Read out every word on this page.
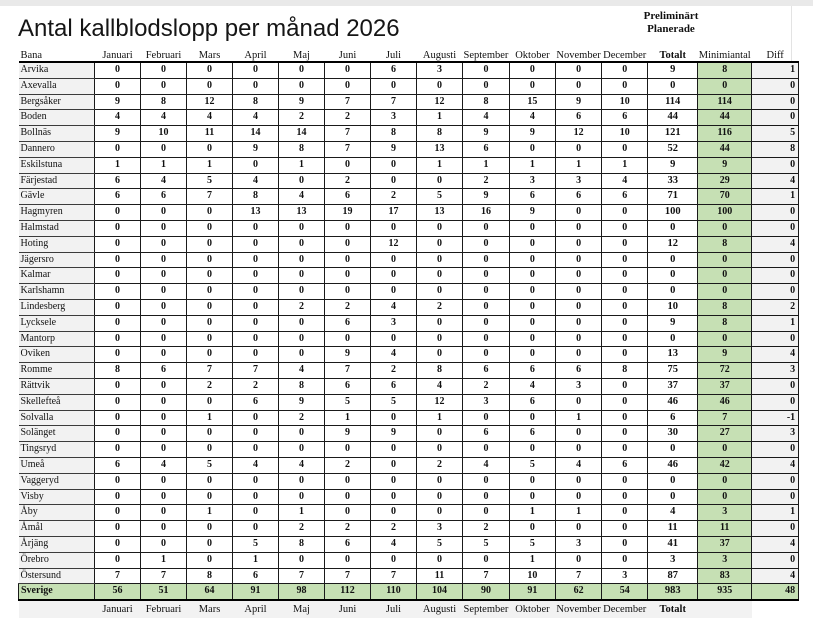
Antal kallblodslopp per månad 2026	Preliminärt
Planerade
Bana	Januari	Februari	Mars	April	Maj	Juni	Juli	Augusti	September	Oktober	November	December	Totalt	Minimiantal	Diff
Arvika	0	0	0	0	0	0	6	3	0	0	0	0	9	8	1
Axevalla	0	0	0	0	0	0	0	0	0	0	0	0	0	0	0
Bergsåker	9	8	12	8	9	7	7	12	8	15	9	10	114	114	0
Boden	4	4	4	4	2	2	3	1	4	4	6	6	44	44	0
Bollnäs	9	10	11	14	14	7	8	8	9	9	12	10	121	116	5
Dannero	0	0	0	9	8	7	9	13	6	0	0	0	52	44	8
Eskilstuna	1	1	1	0	1	0	0	1	1	1	1	1	9	9	0
Färjestad	6	4	5	4	0	2	0	0	2	3	3	4	33	29	4
Gävle	6	6	7	8	4	6	2	5	9	6	6	6	71	70	1
Hagmyren	0	0	0	13	13	19	17	13	16	9	0	0	100	100	0
Halmstad	0	0	0	0	0	0	0	0	0	0	0	0	0	0	0
Hoting	0	0	0	0	0	0	12	0	0	0	0	0	12	8	4
Jägersro	0	0	0	0	0	0	0	0	0	0	0	0	0	0	0
Kalmar	0	0	0	0	0	0	0	0	0	0	0	0	0	0	0
Karlshamn	0	0	0	0	0	0	0	0	0	0	0	0	0	0	0
Lindesberg	0	0	0	0	2	2	4	2	0	0	0	0	10	8	2
Lycksele	0	0	0	0	0	6	3	0	0	0	0	0	9	8	1
Mantorp	0	0	0	0	0	0	0	0	0	0	0	0	0	0	0
Oviken	0	0	0	0	0	9	4	0	0	0	0	0	13	9	4
Romme	8	6	7	7	4	7	2	8	6	6	6	8	75	72	3
Rättvik	0	0	2	2	8	6	6	4	2	4	3	0	37	37	0
Skellefteå	0	0	0	6	9	5	5	12	3	6	0	0	46	46	0
Solvalla	0	0	1	0	2	1	0	1	0	0	1	0	6	7	-1
Solänget	0	0	0	0	0	9	9	0	6	6	0	0	30	27	3
Tingsryd	0	0	0	0	0	0	0	0	0	0	0	0	0	0	0
Umeå	6	4	5	4	4	2	0	2	4	5	4	6	46	42	4
Vaggeryd	0	0	0	0	0	0	0	0	0	0	0	0	0	0	0
Visby	0	0	0	0	0	0	0	0	0	0	0	0	0	0	0
Åby	0	0	1	0	1	0	0	0	0	1	1	0	4	3	1
Åmål	0	0	0	0	2	2	2	3	2	0	0	0	11	11	0
Årjäng	0	0	0	5	8	6	4	5	5	5	3	0	41	37	4
Örebro	0	1	0	1	0	0	0	0	0	1	0	0	3	3	0
Östersund	7	7	8	6	7	7	7	11	7	10	7	3	87	83	4
Sverige	56	51	64	91	98	112	110	104	90	91	62	54	983	935	48
	Januari	Februari	Mars	April	Maj	Juni	Juli	Augusti	September	Oktober	November	December	Totalt		
